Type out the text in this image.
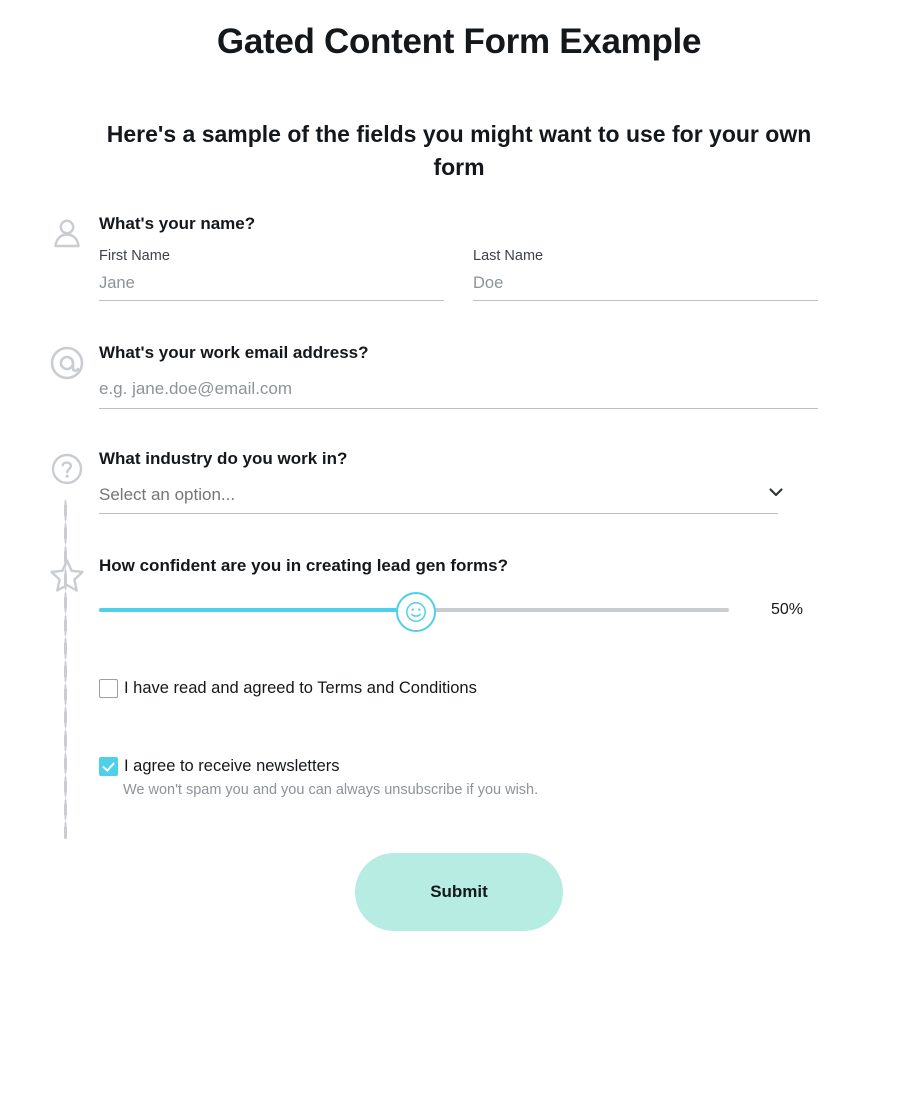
Gated Content Form Example
Here's a sample of the fields you might want to use for your own form
What's your name?
First Name
Jane	Last Name
Doe
What's your work email address?
e.g. jane.doe@email.com
What industry do you work in?
Select an option...
How confident are you in creating lead gen forms?
50%
I have read and agreed to Terms and Conditions
I agree to receive newsletters
We won't spam you and you can always unsubscribe if you wish.
Submit
